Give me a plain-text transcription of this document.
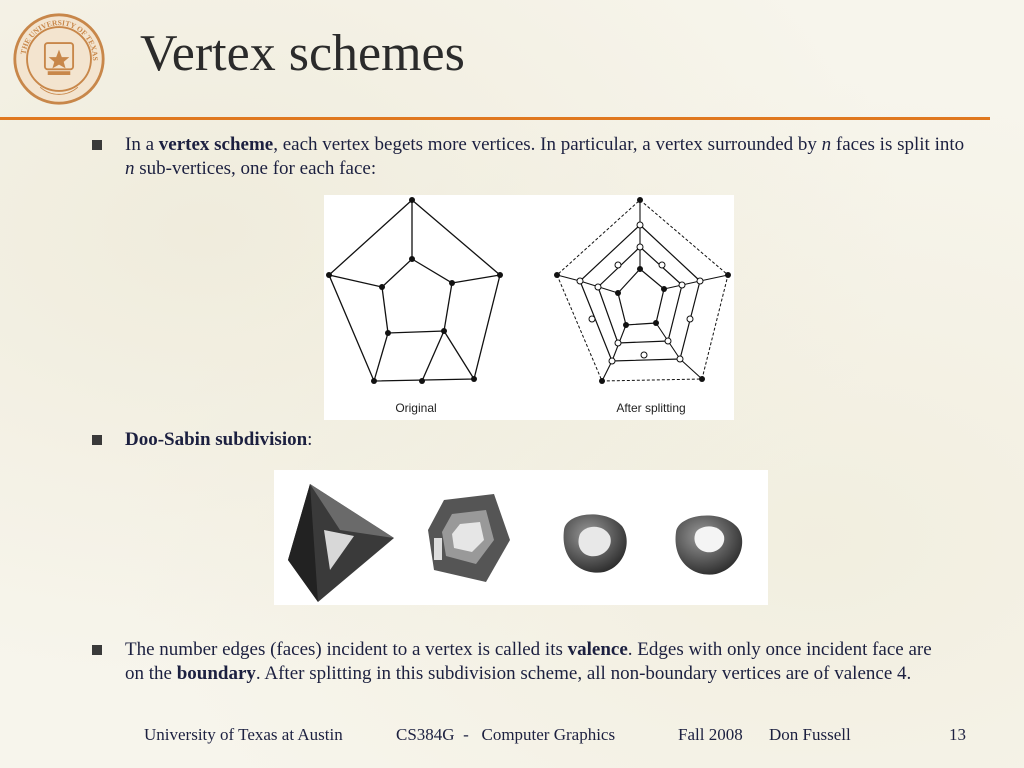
THE UNIVERSITY OF TEXAS Vertex schemes
In a vertex scheme, each vertex begets more vertices. In particular, a vertex surrounded by n faces is split into n sub-vertices, one for each face:
Original	After splitting
Doo-Sabin subdivision:
The number edges (faces) incident to a vertex is called its valence. Edges with only once incident face are on the boundary. After splitting in this subdivision scheme, all non-boundary vertices are of valence 4.
University of Texas at Austin	CS384G  -   Computer Graphics	Fall 2008 Don Fussell	13
